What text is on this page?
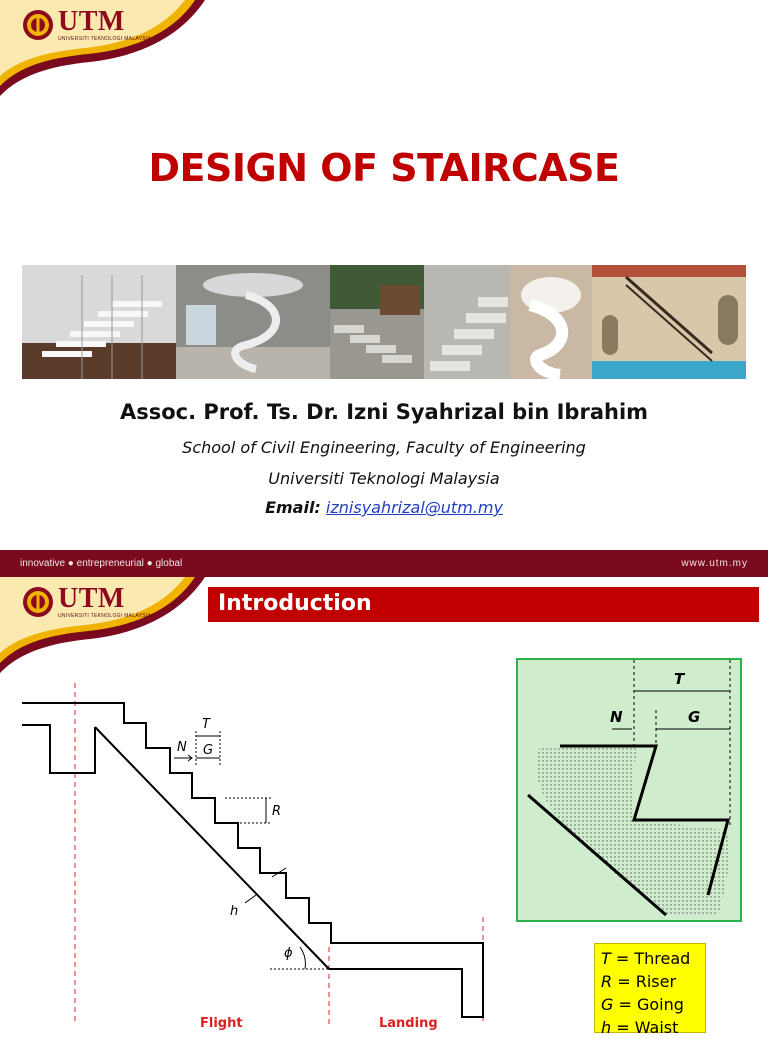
UTM
UNIVERSITI TEKNOLOGI MALAYSIA
DESIGN OF STAIRCASE
Assoc. Prof. Ts. Dr. Izni Syahrizal bin Ibrahim
School of Civil Engineering, Faculty of Engineering
Universiti Teknologi Malaysia
Email: iznisyahrizal@utm.my
innovative ● entrepreneurial ● global	www.utm.my
UTM
UNIVERSITI TEKNOLOGI MALAYSIA	Introduction
T
N G
R
h
ϕ
Flight	Landing
T
N	G
T = Thread
R = Riser
G = Going
h = Waist
